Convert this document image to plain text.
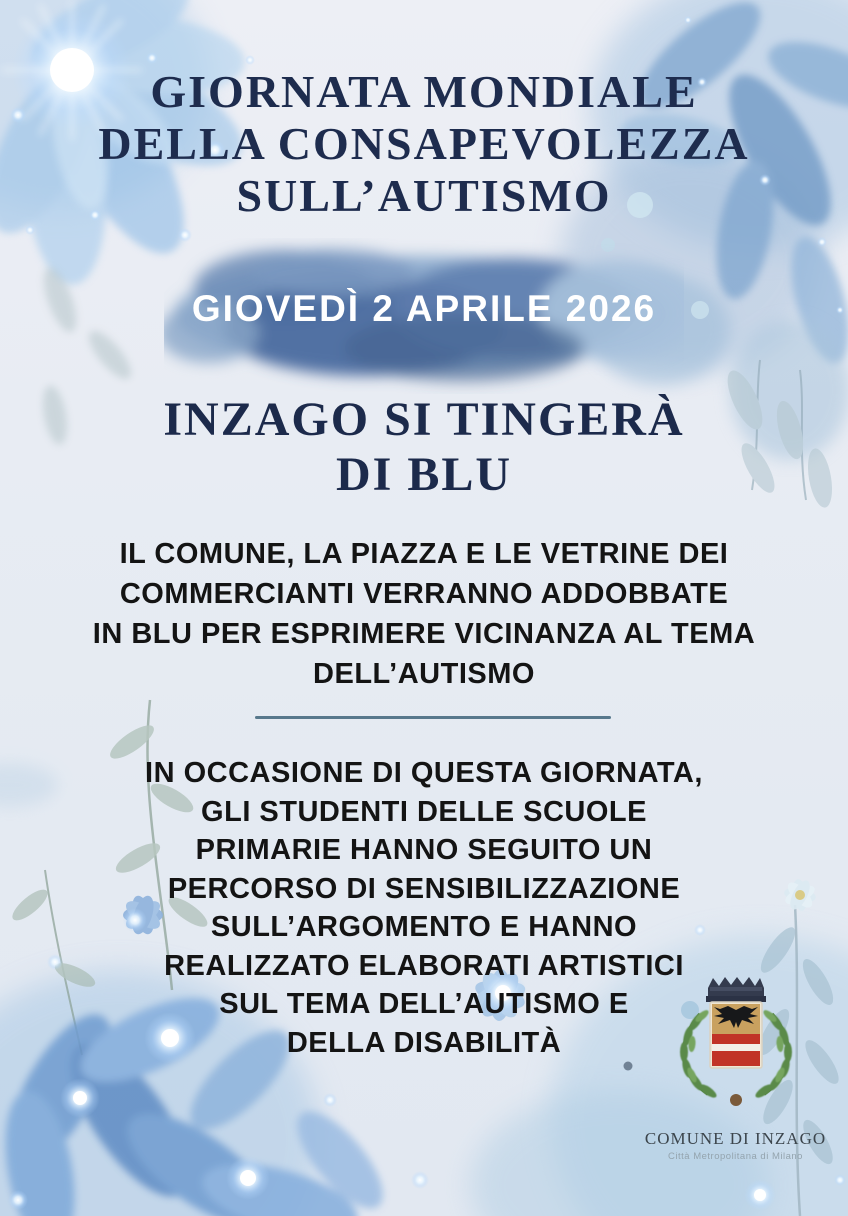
GIORNATA MONDIALE
DELLA CONSAPEVOLEZZA
SULL’AUTISMO
GIOVEDÌ 2 APRILE 2026
INZAGO SI TINGERÀ
DI BLU
IL COMUNE, LA PIAZZA E LE VETRINE DEI
COMMERCIANTI VERRANNO ADDOBBATE
IN BLU PER ESPRIMERE VICINANZA AL TEMA
DELL’AUTISMO
IN OCCASIONE DI QUESTA GIORNATA,
GLI STUDENTI DELLE SCUOLE
PRIMARIE HANNO SEGUITO UN
PERCORSO DI SENSIBILIZZAZIONE
SULL’ARGOMENTO E HANNO
REALIZZATO ELABORATI ARTISTICI
SUL TEMA DELL’AUTISMO E
DELLA DISABILITÀ
COMUNE DI INZAGO
Città Metropolitana di Milano
